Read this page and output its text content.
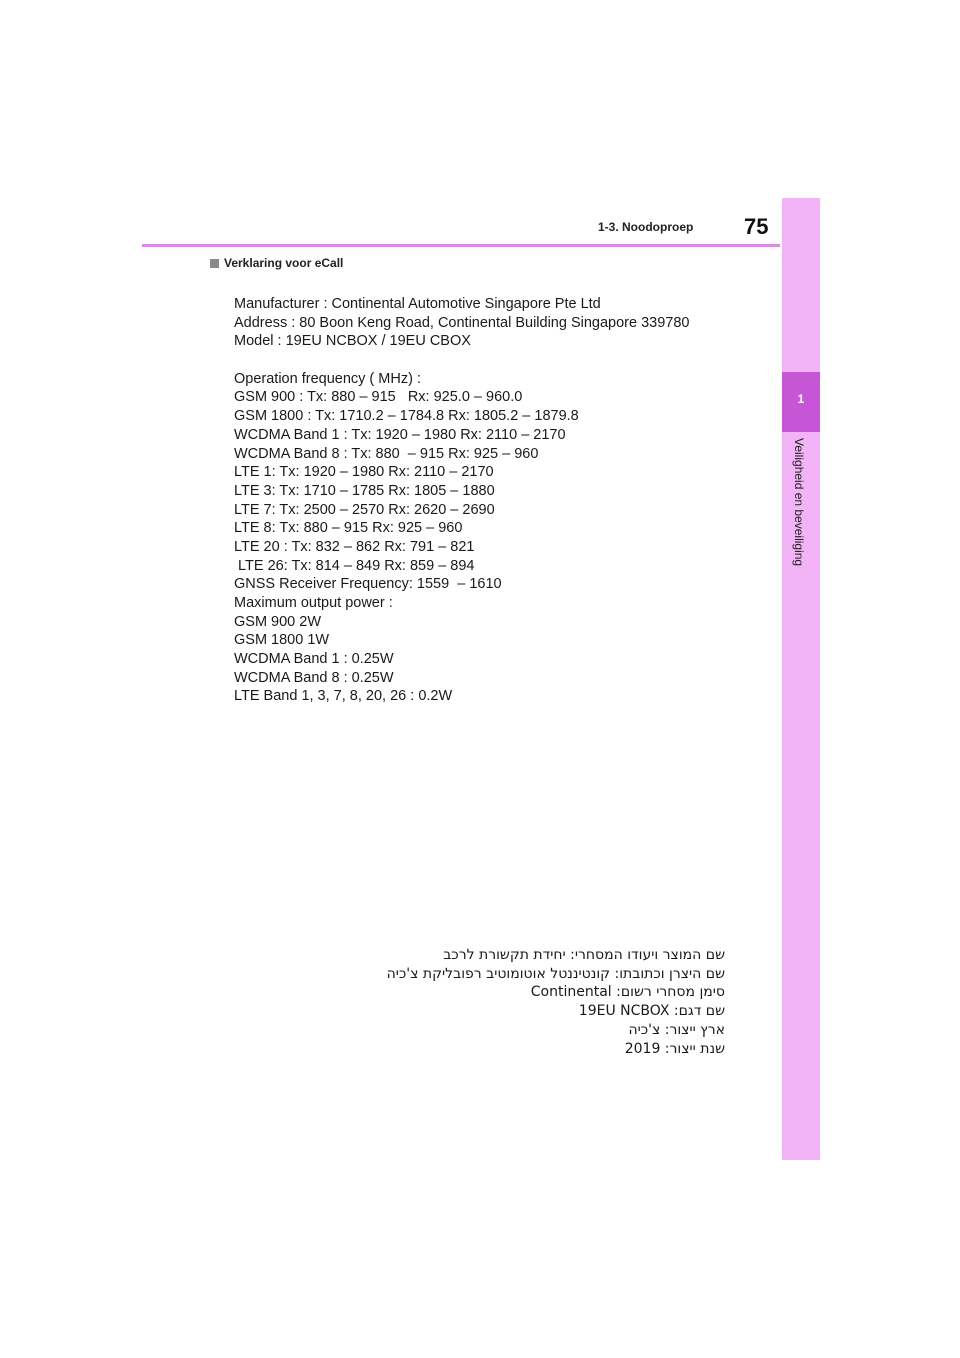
1-3. Noodoproep 75
1
Veiligheid en beveiliging
Verklaring voor eCall
Manufacturer : Continental Automotive Singapore Pte Ltd
Address : 80 Boon Keng Road, Continental Building Singapore 339780
Model : 19EU NCBOX / 19EU CBOX
Operation frequency ( MHz) :
GSM 900 : Tx: 880 – 915   Rx: 925.0 – 960.0
GSM 1800 : Tx: 1710.2 – 1784.8 Rx: 1805.2 – 1879.8
WCDMA Band 1 : Tx: 1920 – 1980 Rx: 2110 – 2170
WCDMA Band 8 : Tx: 880  – 915 Rx: 925 – 960
LTE 1: Tx: 1920 – 1980 Rx: 2110 – 2170
LTE 3: Tx: 1710 – 1785 Rx: 1805 – 1880
LTE 7: Tx: 2500 – 2570 Rx: 2620 – 2690
LTE 8: Tx: 880 – 915 Rx: 925 – 960
LTE 20 : Tx: 832 – 862 Rx: 791 – 821
LTE 26: Tx: 814 – 849 Rx: 859 – 894
GNSS Receiver Frequency: 1559  – 1610
Maximum output power :
GSM 900 2W
GSM 1800 1W
WCDMA Band 1 : 0.25W
WCDMA Band 8 : 0.25W
LTE Band 1, 3, 7, 8, 20, 26 : 0.2W
שם המוצר ויעודו המסחרי: יחידת תקשורת לרכב
שם היצרן וכתובתו: קונטיננטל אוטומוטיב רפובליקת צ'כיה
סימן מסחרי רשום: Continental
שם דגם: 19EU NCBOX
ארץ ייצור: צ'כיה
שנת ייצור: 2019
